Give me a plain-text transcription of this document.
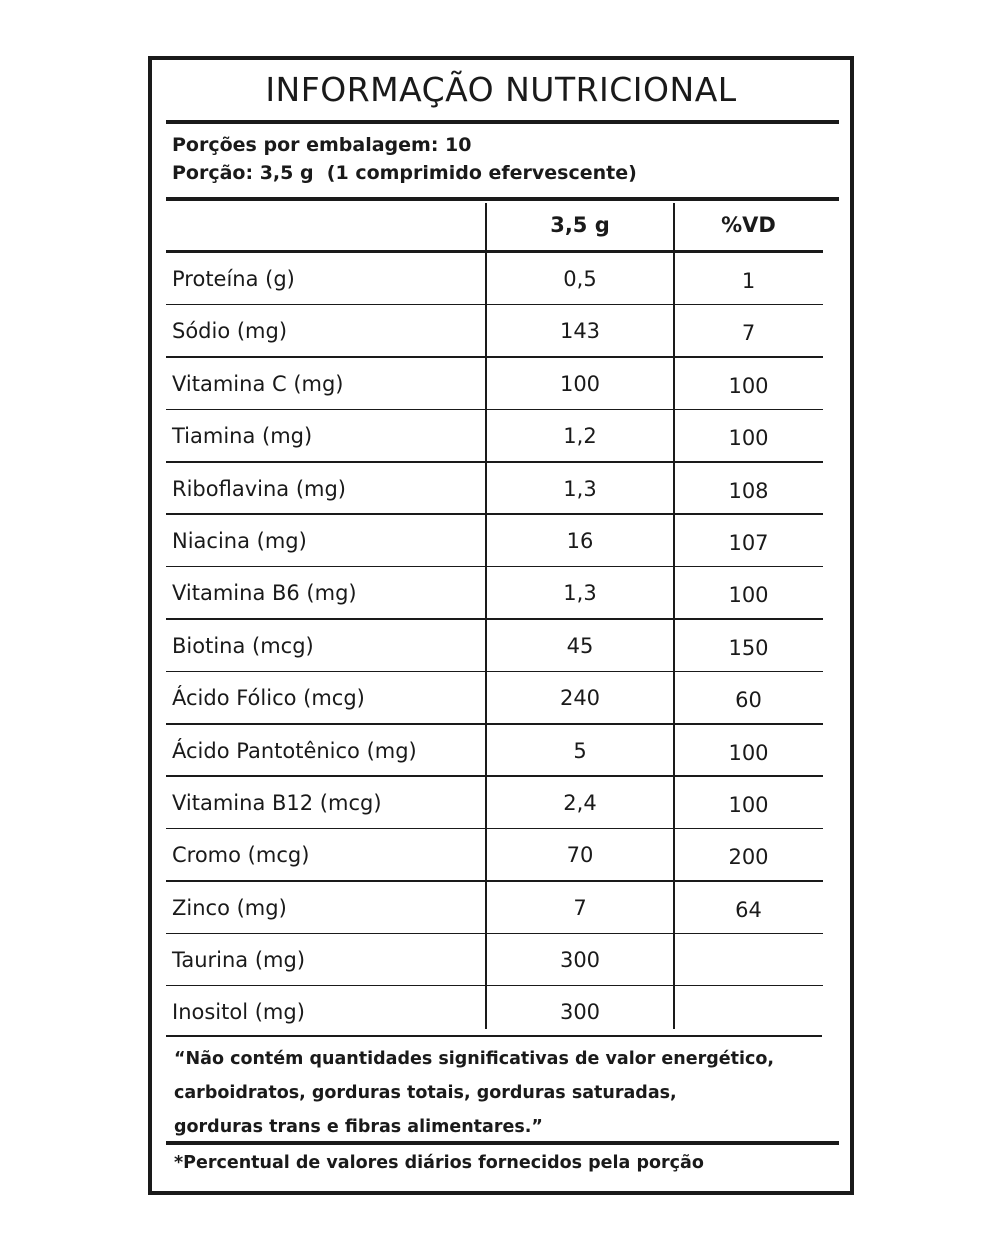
INFORMAÇÃO NUTRICIONAL
Porções por embalagem: 10
Porção: 3,5 g  (1 comprimido efervescente)
3,5 g	%VD
Proteína (g)	0,5	1
Sódio (mg)	143	7
Vitamina C (mg)	100	100
Tiamina (mg)	1,2	100
Riboflavina (mg)	1,3	108
Niacina (mg)	16	107
Vitamina B6 (mg)	1,3	100
Biotina (mcg)	45	150
Ácido Fólico (mcg)	240	60
Ácido Pantotênico (mg)	5	100
Vitamina B12 (mcg)	2,4	100
Cromo (mcg)	70	200
Zinco (mg)	7	64
Taurina (mg)	300
Inositol (mg)	300
“Não contém quantidades significativas de valor energético,
carboidratos, gorduras totais, gorduras saturadas,
gorduras trans e fibras alimentares.”
*Percentual de valores diários fornecidos pela porção
